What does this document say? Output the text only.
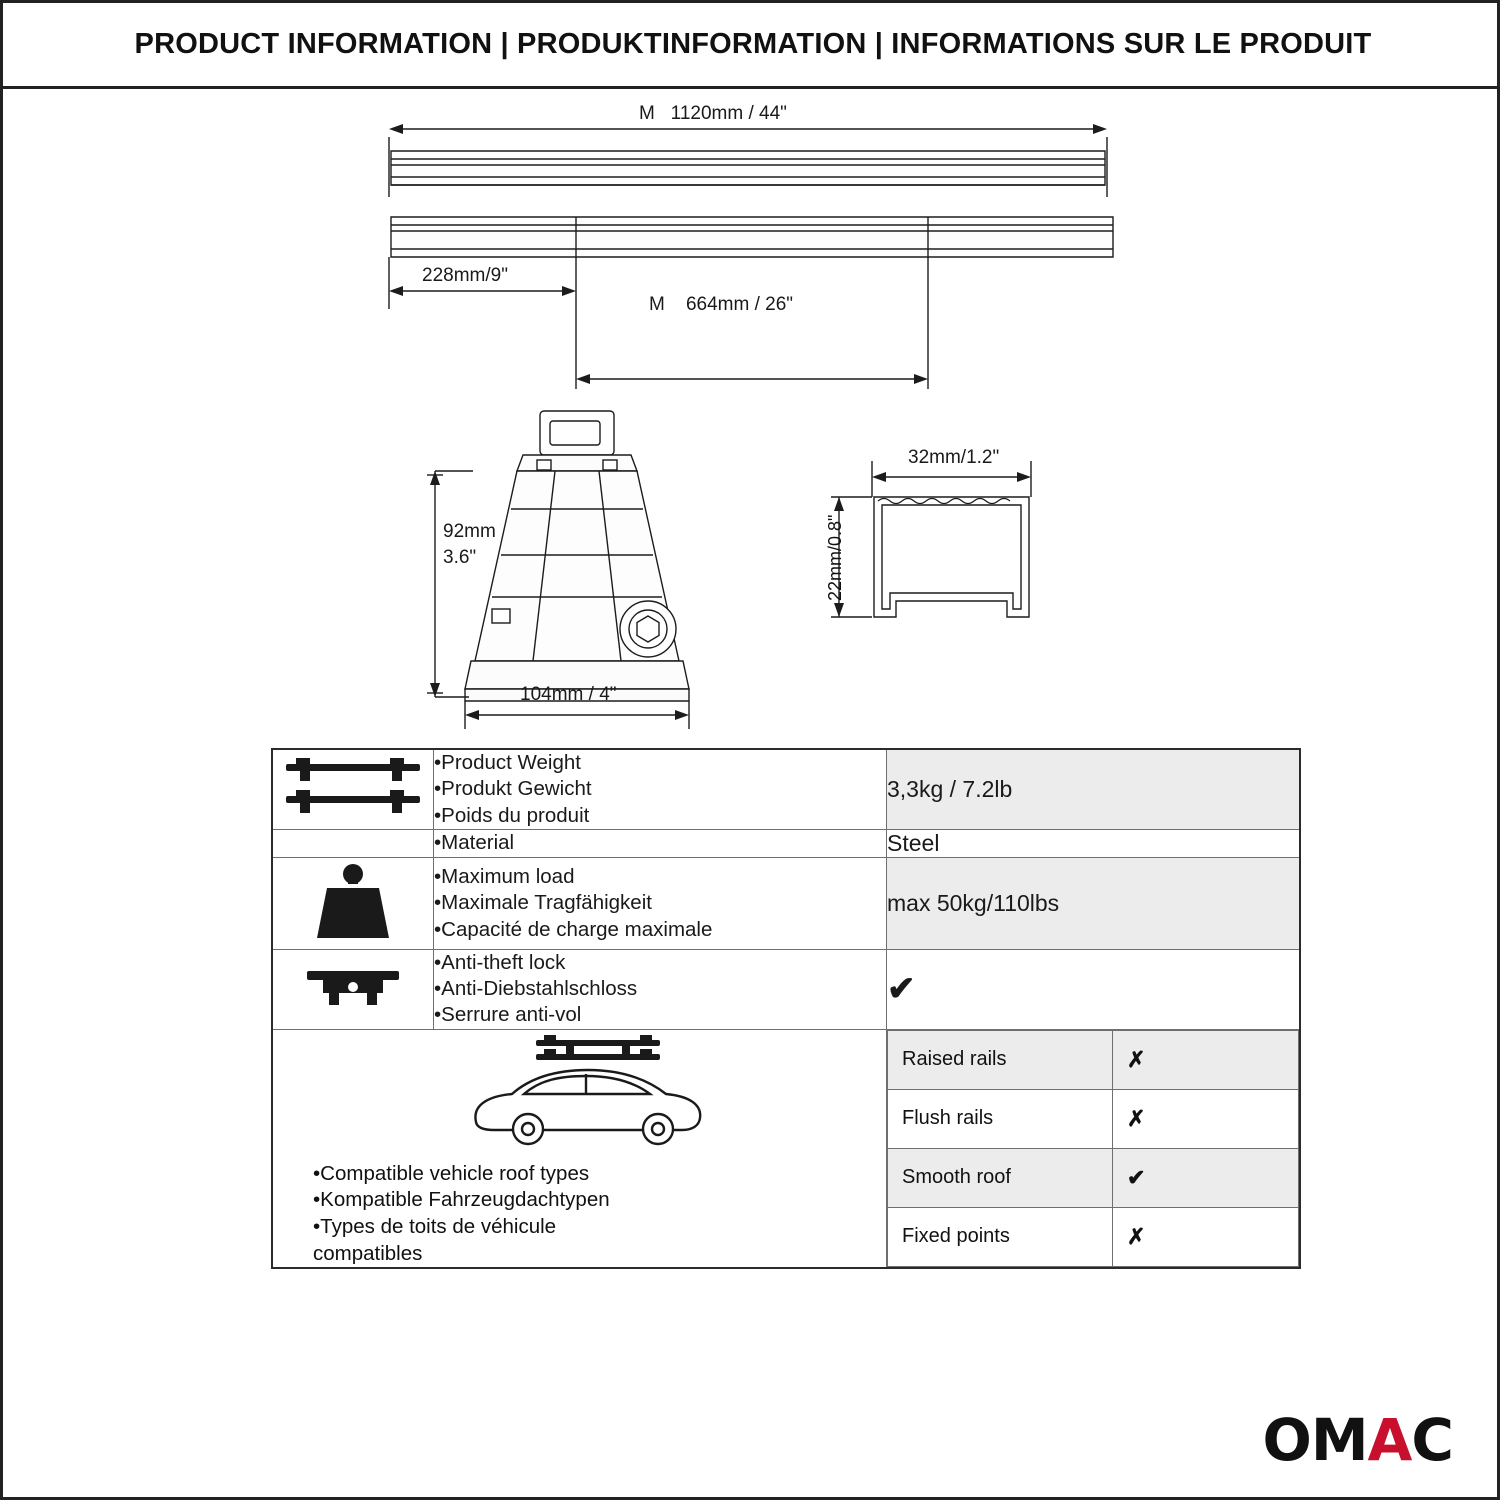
PRODUCT INFORMATION | PRODUKTINFORMATION | INFORMATIONS SUR LE PRODUIT
M 1120mm / 44"
228mm/9"
M 664mm / 26"
92mm
3.6"
104mm / 4"
32mm/1.2"
22mm/0.8"

•Product Weight
•Produkt Gewicht
•Poids du produit
	3,3kg / 7.2lb

•Material	Steel

•Maximum load
•Maximale Tragfähigkeit
•Capacité de charge maximale
	max 50kg/110lbs

•Anti-theft lock
•Anti-Diebstahlschloss
•Serrure anti-vol
	✔

•Compatible vehicle roof types
•Kompatible Fahrzeugdachtypen
•Types de toits de véhicule
compatibles

Raised rails	✗
Flush rails	✗
Smooth roof	✔
Fixed points	✗
O M A C
